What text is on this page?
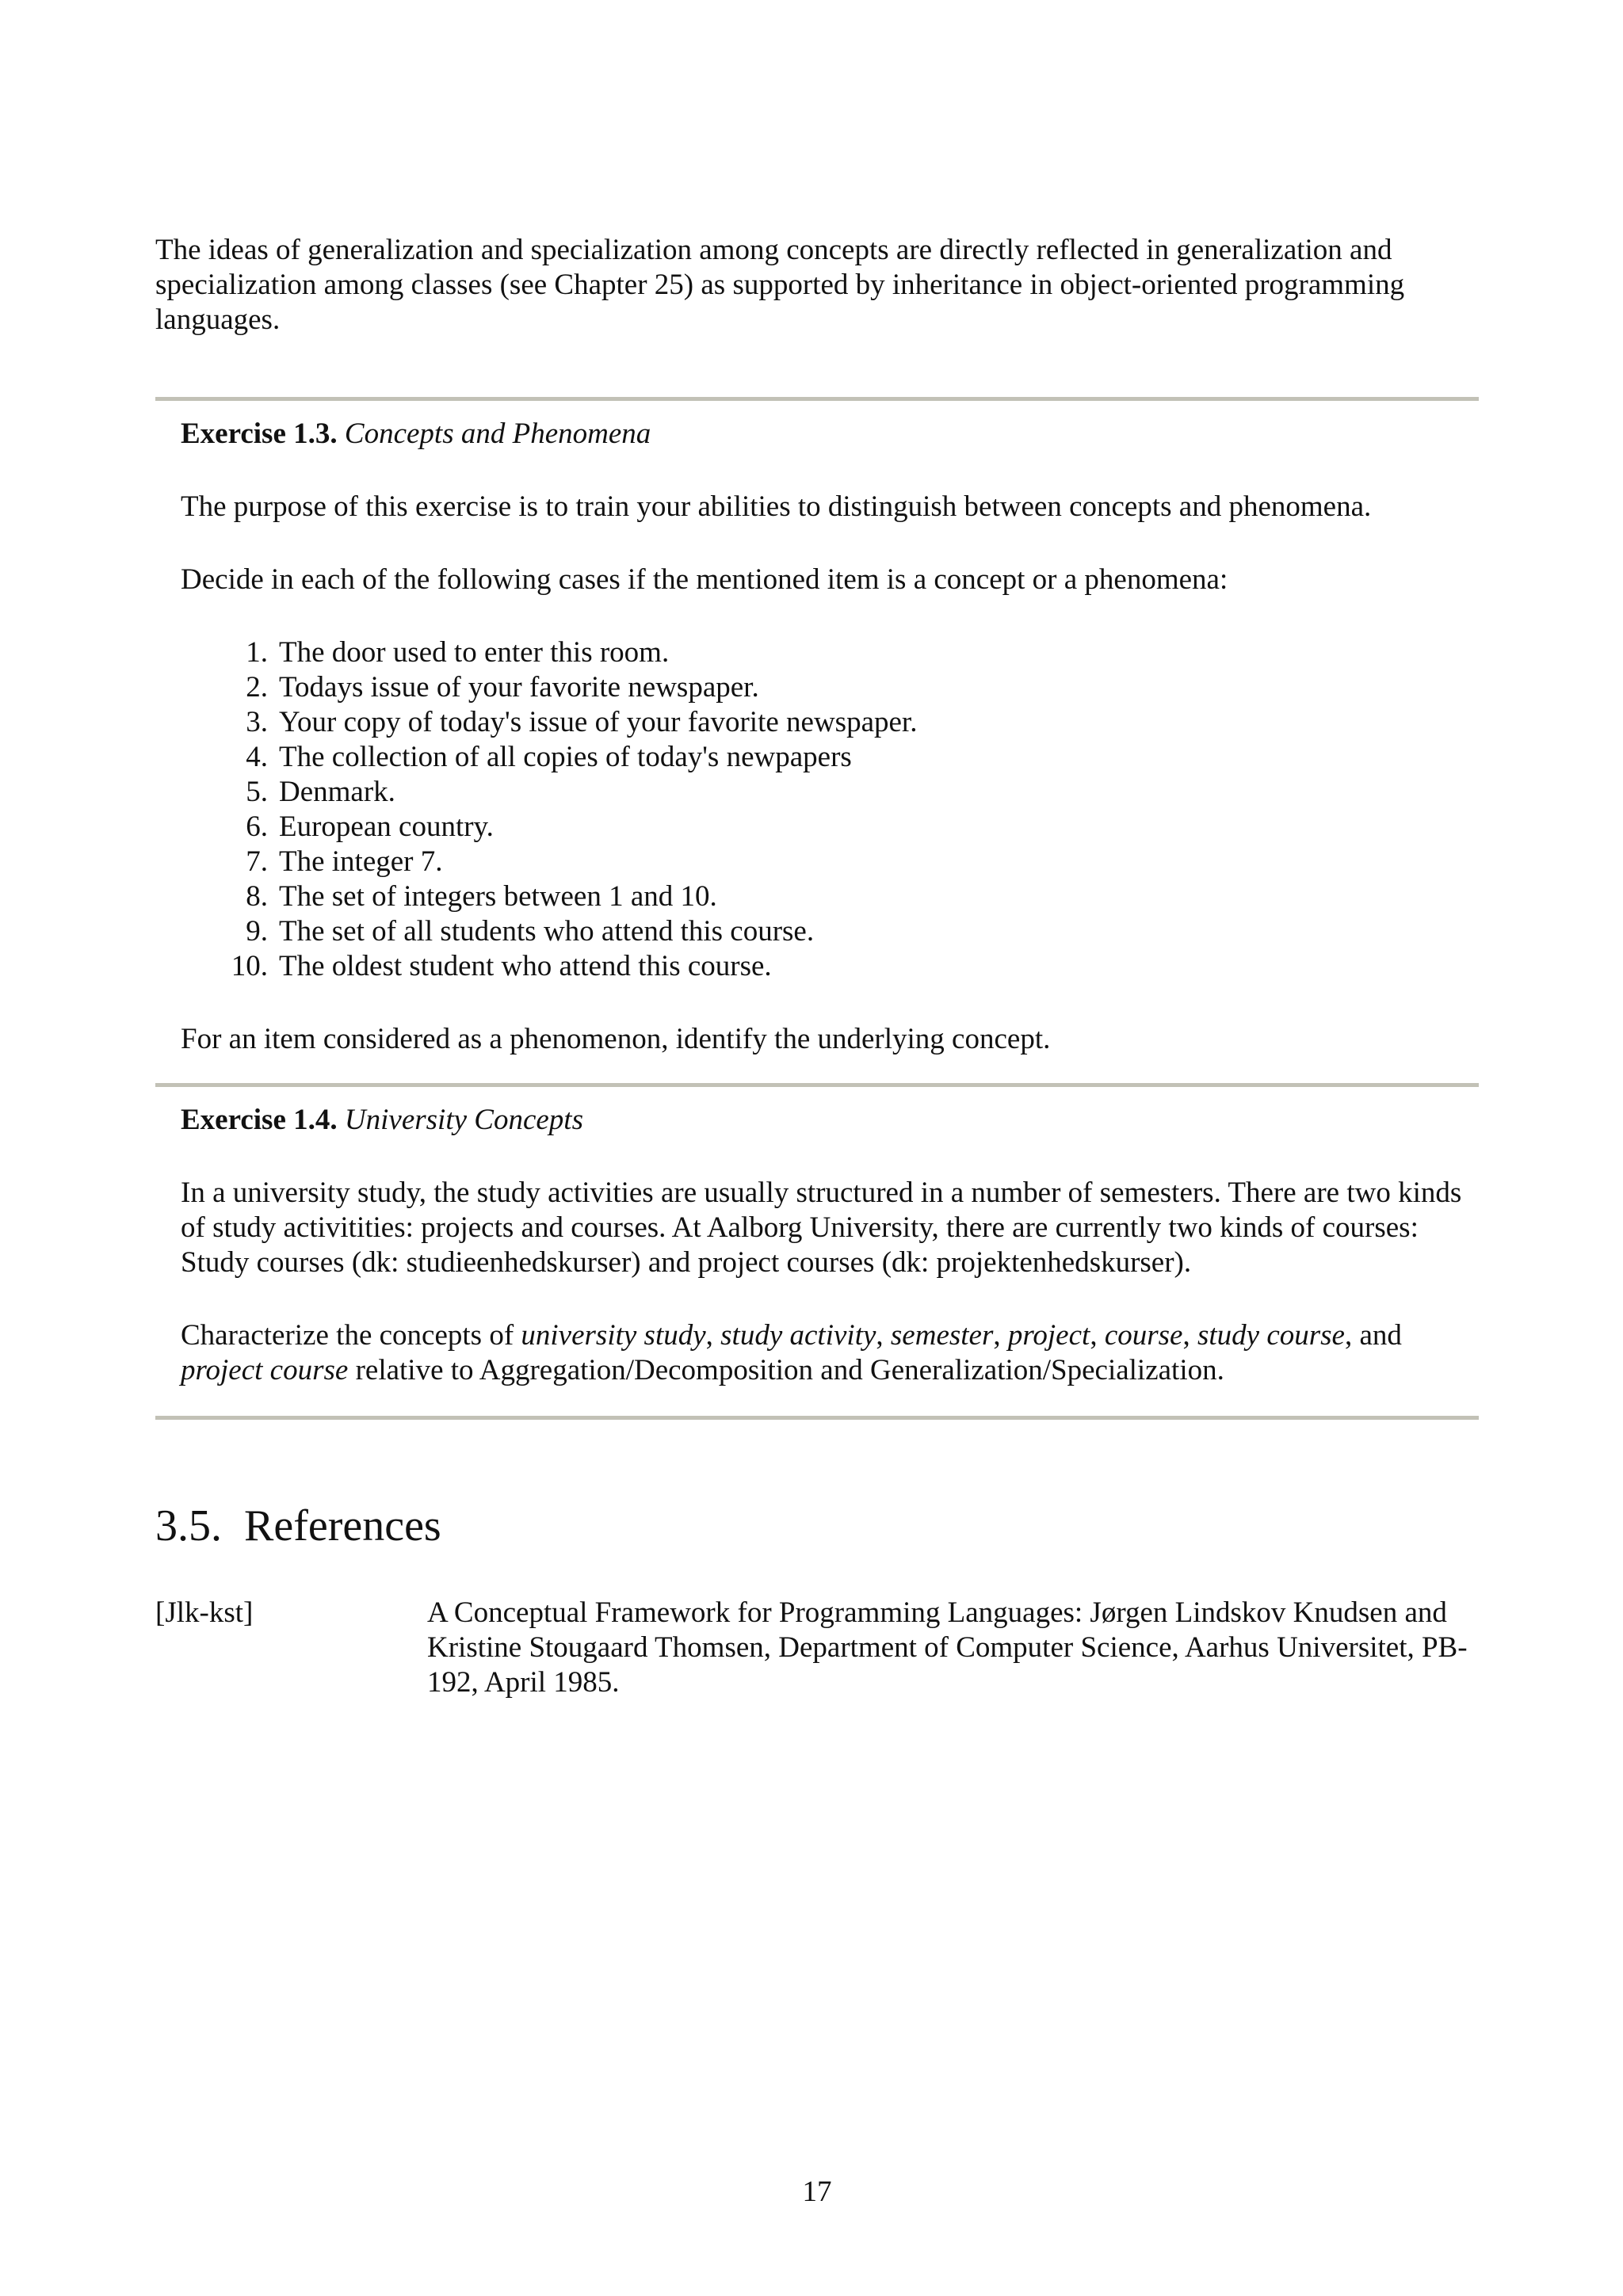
The ideas of generalization and specialization among concepts are directly reflected in generalization and specialization among classes (see Chapter 25) as supported by inheritance in object-oriented programming languages.

Exercise 1.3. Concepts and Phenomena

The purpose of this exercise is to train your abilities to distinguish between concepts and phenomena.

Decide in each of the following cases if the mentioned item is a concept or a phenomena:

1. The door used to enter this room.
2. Todays issue of your favorite newspaper.
3. Your copy of today's issue of your favorite newspaper.
4. The collection of all copies of today's newpapers
5. Denmark.
6. European country.
7. The integer 7.
8. The set of integers between 1 and 10.
9. The set of all students who attend this course.
10. The oldest student who attend this course.

For an item considered as a phenomenon, identify the underlying concept.

Exercise 1.4. University Concepts

In a university study, the study activities are usually structured in a number of semesters. There are two kinds of study activitities: projects and courses. At Aalborg University, there are currently two kinds of courses: Study courses (dk: studieenhedskurser) and project courses (dk: projektenhedskurser).

Characterize the concepts of university study, study activity, semester, project, course, study course, and project course relative to Aggregation/Decomposition and Generalization/Specialization.

3.5. References
[Jlk-kst]	A Conceptual Framework for Programming Languages: Jørgen Lindskov Knudsen and Kristine Stougaard Thomsen, Department of Computer Science, Aarhus Universitet, PB-192, April 1985.

17
